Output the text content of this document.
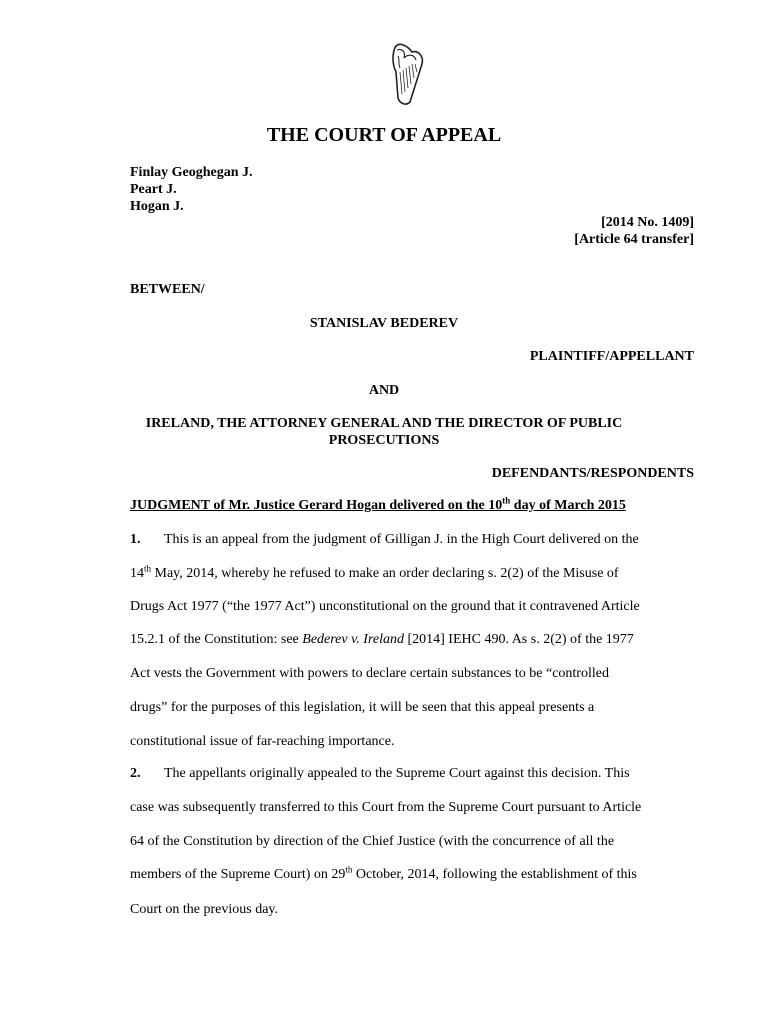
THE COURT OF APPEAL
Finlay Geoghegan J.
Peart J.
Hogan J.
[2014 No. 1409]
[Article 64 transfer]
BETWEEN/
STANISLAV BEDEREV
PLAINTIFF/APPELLANT
AND
IRELAND, THE ATTORNEY GENERAL AND THE DIRECTOR OF PUBLIC
PROSECUTIONS
DEFENDANTS/RESPONDENTS
JUDGMENT of Mr. Justice Gerard Hogan delivered on the 10th day of March 2015
1. This is an appeal from the judgment of Gilligan J. in the High Court delivered on the
14th May, 2014, whereby he refused to make an order declaring s. 2(2) of the Misuse of
Drugs Act 1977 (“the 1977 Act”) unconstitutional on the ground that it contravened Article
15.2.1 of the Constitution: see Bederev v. Ireland [2014] IEHC 490. As s. 2(2) of the 1977
Act vests the Government with powers to declare certain substances to be “controlled
drugs” for the purposes of this legislation, it will be seen that this appeal presents a
constitutional issue of far-reaching importance.
2. The appellants originally appealed to the Supreme Court against this decision. This
case was subsequently transferred to this Court from the Supreme Court pursuant to Article
64 of the Constitution by direction of the Chief Justice (with the concurrence of all the
members of the Supreme Court) on 29th October, 2014, following the establishment of this
Court on the previous day.
